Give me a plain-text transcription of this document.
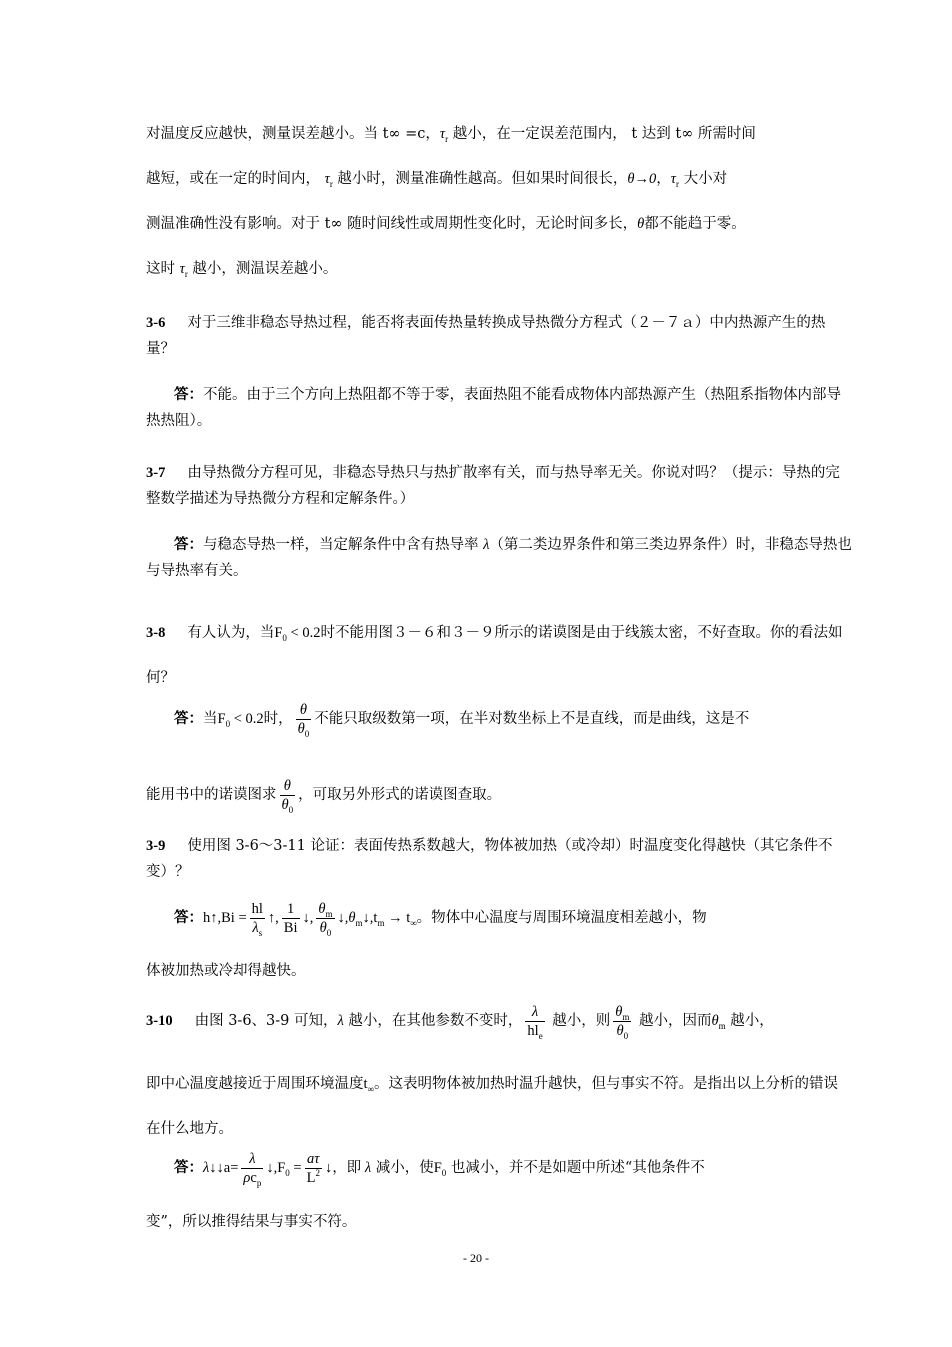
对温度反应越快，测量误差越小。当 t∞ =c，$\tau_r$ 越小，在一定误差范围内， t 达到 t∞ 所需时间
越短，或在一定的时间内， $\tau_r$ 越小时，测量准确性越高。但如果时间很长，θ→0，$\tau_r$ 大小对
测温准确性没有影响。对于 t∞ 随时间线性或周期性变化时，无论时间多长，θ都不能趋于零。
这时 $\tau_r$ 越小，测温误差越小。
3-6 对于三维非稳态导热过程，能否将表面传热量转换成导热微分方程式（２－７ａ）中内热源产生的热量？
答：不能。由于三个方向上热阻都不等于零，表面热阻不能看成物体内部热源产生（热阻系指物体内部导热热阻）。
3-7 由导热微分方程可见，非稳态导热只与热扩散率有关，而与热导率无关。你说对吗？（提示：导热的完整数学描述为导热微分方程和定解条件。）
答：与稳态导热一样，当定解条件中含有热导率 λ（第二类边界条件和第三类边界条件）时，非稳态导热也与导热率有关。
3-8 有人认为，当$F_0 < 0.2$时不能用图３－６和３－９所示的诺谟图是由于线簇太密，不好查取。你的看法如何？
答：当$F_0 < 0.2$时， $\frac{\theta}{\theta_0}$ 不能只取级数第一项，在半对数坐标上不是直线，而是曲线，这是不
能用书中的诺谟图求 $\frac{\theta}{\theta_0}$ ，可取另外形式的诺谟图查取。
3-9 使用图 3-6～3-11 论证：表面传热系数越大，物体被加热（或冷却）时温度变化得越快（其它条件不变）？
答：h↑,Bi = $\frac{hl}{\lambda_s}$ ↑, $\frac{1}{Bi}$ ↓, $\frac{\theta_m}{\theta_0}$ $↓,\theta_m↓,t_m \to t_\infty$。物体中心温度与周围环境温度相差越小，物
体被加热或冷却得越快。
3-10 由图 3-6、3-9 可知，λ 越小，在其他参数不变时， $\frac{\lambda}{hl_e}$ 越小，则 $\frac{\theta_m}{\theta_0}$ 越小，因而$\theta_m$ 越小，
即中心温度越接近于周围环境温度$t_\infty$。这表明物体被加热时温升越快，但与事实不符。是指出以上分析的错误在什么地方。
答：λ↓↓a= $\frac{\lambda}{\rho c_p}$ $↓,F_0 = \frac{a\tau}{L^2}$ ↓，即 λ 减小，使$F_0$ 也减小，并不是如题中所述“其他条件不
变”，所以推得结果与事实不符。
- 20 -
